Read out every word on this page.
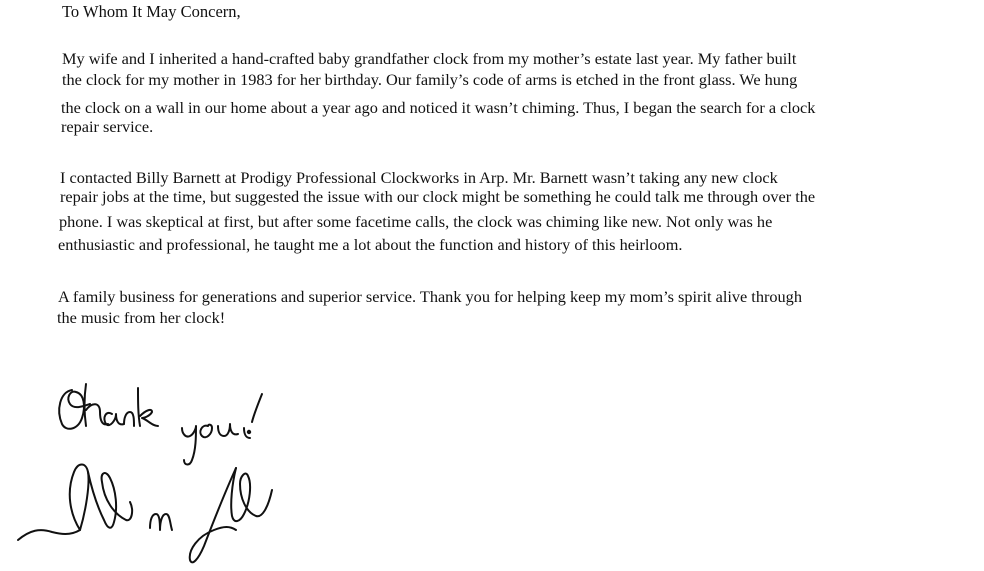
To Whom It May Concern,
My wife and I inherited a hand-crafted baby grandfather clock from my mother’s estate last year. My father built
the clock for my mother in 1983 for her birthday. Our family’s code of arms is etched in the front glass. We hung
the clock on a wall in our home about a year ago and noticed it wasn’t chiming. Thus, I began the search for a clock
repair service.
I contacted Billy Barnett at Prodigy Professional Clockworks in Arp. Mr. Barnett wasn’t taking any new clock
repair jobs at the time, but suggested the issue with our clock might be something he could talk me through over the
phone. I was skeptical at first, but after some facetime calls, the clock was chiming like new. Not only was he
enthusiastic and professional, he taught me a lot about the function and history of this heirloom.
A family business for generations and superior service. Thank you for helping keep my mom’s spirit alive through
the music from her clock!
